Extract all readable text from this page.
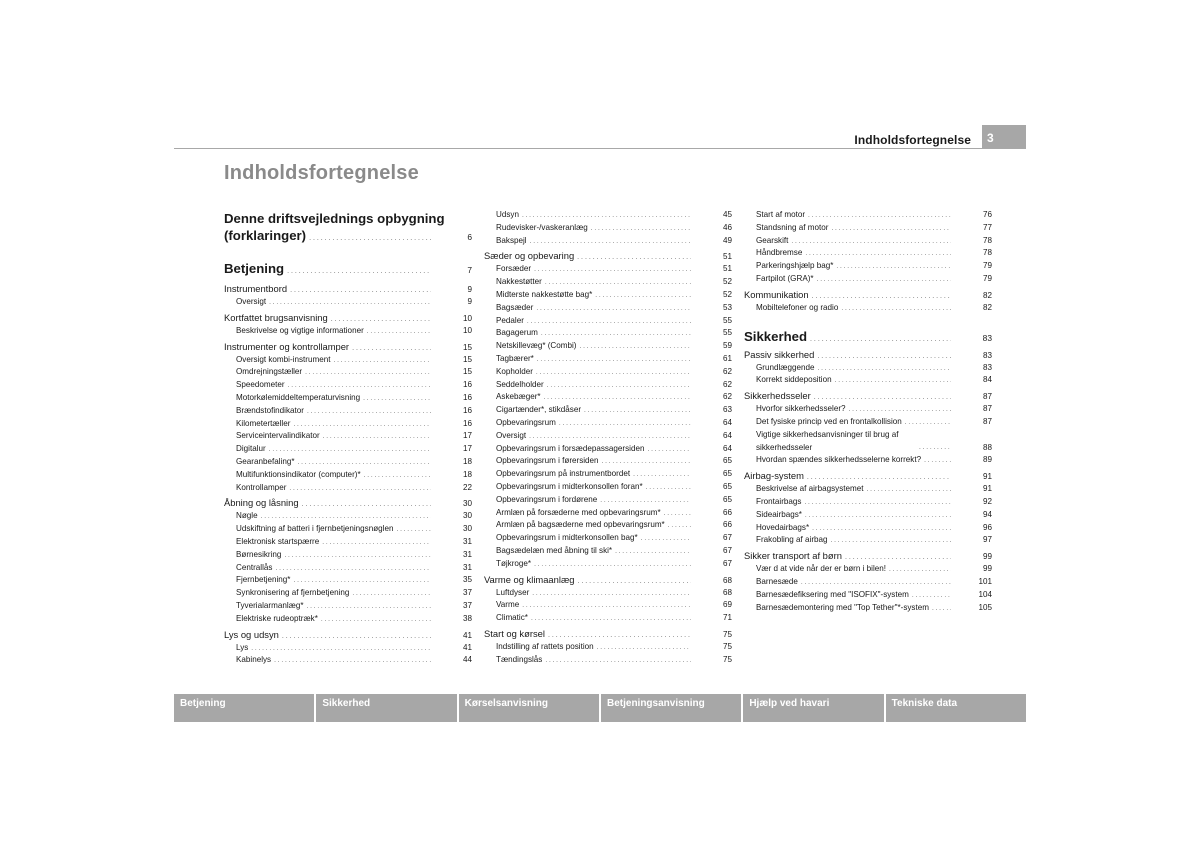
Indholdsfortegnelse	3
Indholdsfortegnelse
Denne driftsvejlednings opbygning
(forklaringer) . . .	6
Betjening . . .	7
Instrumentbord . . .	9
Oversigt . . .	9
Kortfattet brugsanvisning . . .	10
Beskrivelse og vigtige informationer . . .	10
Instrumenter og kontrollamper . . .	15
Oversigt kombi-instrument . . .	15
Omdrejningstæller . . .	15
Speedometer . . .	16
Motorkølemiddeltemperaturvisning . . .	16
Brændstofindikator . . .	16
Kilometertæller . . .	16
Serviceintervalindikator . . .	17
Digitalur . . .	17
Gearanbefaling* . . .	18
Multifunktionsindikator (computer)* . . .	18
Kontrollamper . . .	22
Åbning og låsning . . .	30
Nøgle . . .	30
Udskiftning af batteri i fjernbetjeningsnøglen . . .	30
Elektronisk startspærre . . .	31
Børnesikring . . .	31
Centrallås . . .	31
Fjernbetjening* . . .	35
Synkronisering af fjernbetjening . . .	37
Tyverialarmanlæg* . . .	37
Elektriske rudeoptræk* . . .	38
Lys og udsyn . . .	41
Lys . . .	41
Kabinelys . . .	44
Udsyn . . .	45
Rudevisker-/vaskeranlæg . . .	46
Bakspejl . . .	49
Sæder og opbevaring . . .	51
Forsæder . . .	51
Nakkestøtter . . .	52
Midterste nakkestøtte bag* . . .	52
Bagsæder . . .	53
Pedaler . . .	55
Bagagerum . . .	55
Netskillevæg* (Combi) . . .	59
Tagbærer* . . .	61
Kopholder . . .	62
Seddelholder . . .	62
Askebæger* . . .	62
Cigartænder*, stikdåser . . .	63
Opbevaringsrum . . .	64
Oversigt . . .	64
Opbevaringsrum i forsædepassagersiden . . .	64
Opbevaringsrum i førersiden . . .	65
Opbevaringsrum på instrumentbordet . . .	65
Opbevaringsrum i midterkonsollen foran* . . .	65
Opbevaringsrum i fordørene . . .	65
Armlæn på forsæderne med opbevaringsrum* . . .	66
Armlæn på bagsæderne med opbevaringsrum* . . .	66
Opbevaringsrum i midterkonsollen bag* . . .	67
Bagsædelæn med åbning til ski* . . .	67
Tøjkroge* . . .	67
Varme og klimaanlæg . . .	68
Luftdyser . . .	68
Varme . . .	69
Climatic* . . .	71
Start og kørsel . . .	75
Indstilling af rattets position . . .	75
Tændingslås . . .	75
Start af motor . . .	76
Standsning af motor . . .	77
Gearskift . . .	78
Håndbremse . . .	78
Parkeringshjælp bag* . . .	79
Fartpilot (GRA)* . . .	79
Kommunikation . . .	82
Mobiltelefoner og radio . . .	82
Sikkerhed . . .	83
Passiv sikkerhed . . .	83
Grundlæggende . . .	83
Korrekt siddeposition . . .	84
Sikkerhedsseler . . .	87
Hvorfor sikkerhedsseler? . . .	87
Det fysiske princip ved en frontalkollision . . .	87
Vigtige sikkerhedsanvisninger til brug af sikkerhedsseler . . .	88
Hvordan spændes sikkerhedsselerne korrekt? . . .	89
Airbag-system . . .	91
Beskrivelse af airbagsystemet . . .	91
Frontairbags . . .	92
Sideairbags* . . .	94
Hovedairbags* . . .	96
Frakobling af airbag . . .	97
Sikker transport af børn . . .	99
Vær d at vide når der er børn i bilen! . . .	99
Barnesæde . . .	101
Barnesædefiksering med "ISOFIX"-system . . .	104
Barnesædemontering med "Top Tether"*-system . . .	105
Betjening	Sikkerhed	Kørselsanvisning	Betjeningsanvisning	Hjælp ved havari	Tekniske data
